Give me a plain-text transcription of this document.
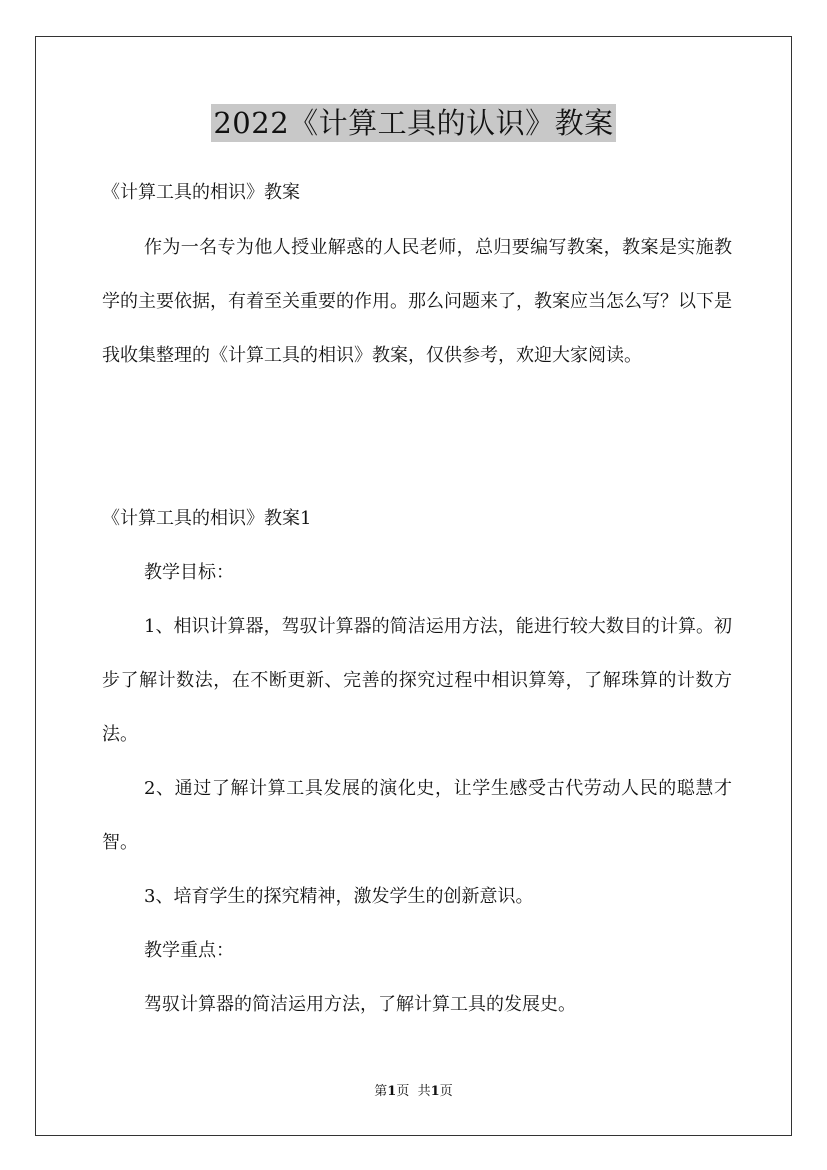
2022《计算工具的认识》教案

《计算工具的相识》教案

作为一名专为他人授业解惑的人民老师，总归要编写教案，教案是实施教学的主要依据，有着至关重要的作用。那么问题来了，教案应当怎么写？以下是我收集整理的《计算工具的相识》教案，仅供参考，欢迎大家阅读。

《计算工具的相识》教案1

教学目标：

1、相识计算器，驾驭计算器的简洁运用方法，能进行较大数目的计算。初步了解计数法，在不断更新、完善的探究过程中相识算筹，了解珠算的计数方法。

2、通过了解计算工具发展的演化史，让学生感受古代劳动人民的聪慧才智。

3、培育学生的探究精神，激发学生的创新意识。

教学重点：

驾驭计算器的简洁运用方法，了解计算工具的发展史。

第1页 共1页
